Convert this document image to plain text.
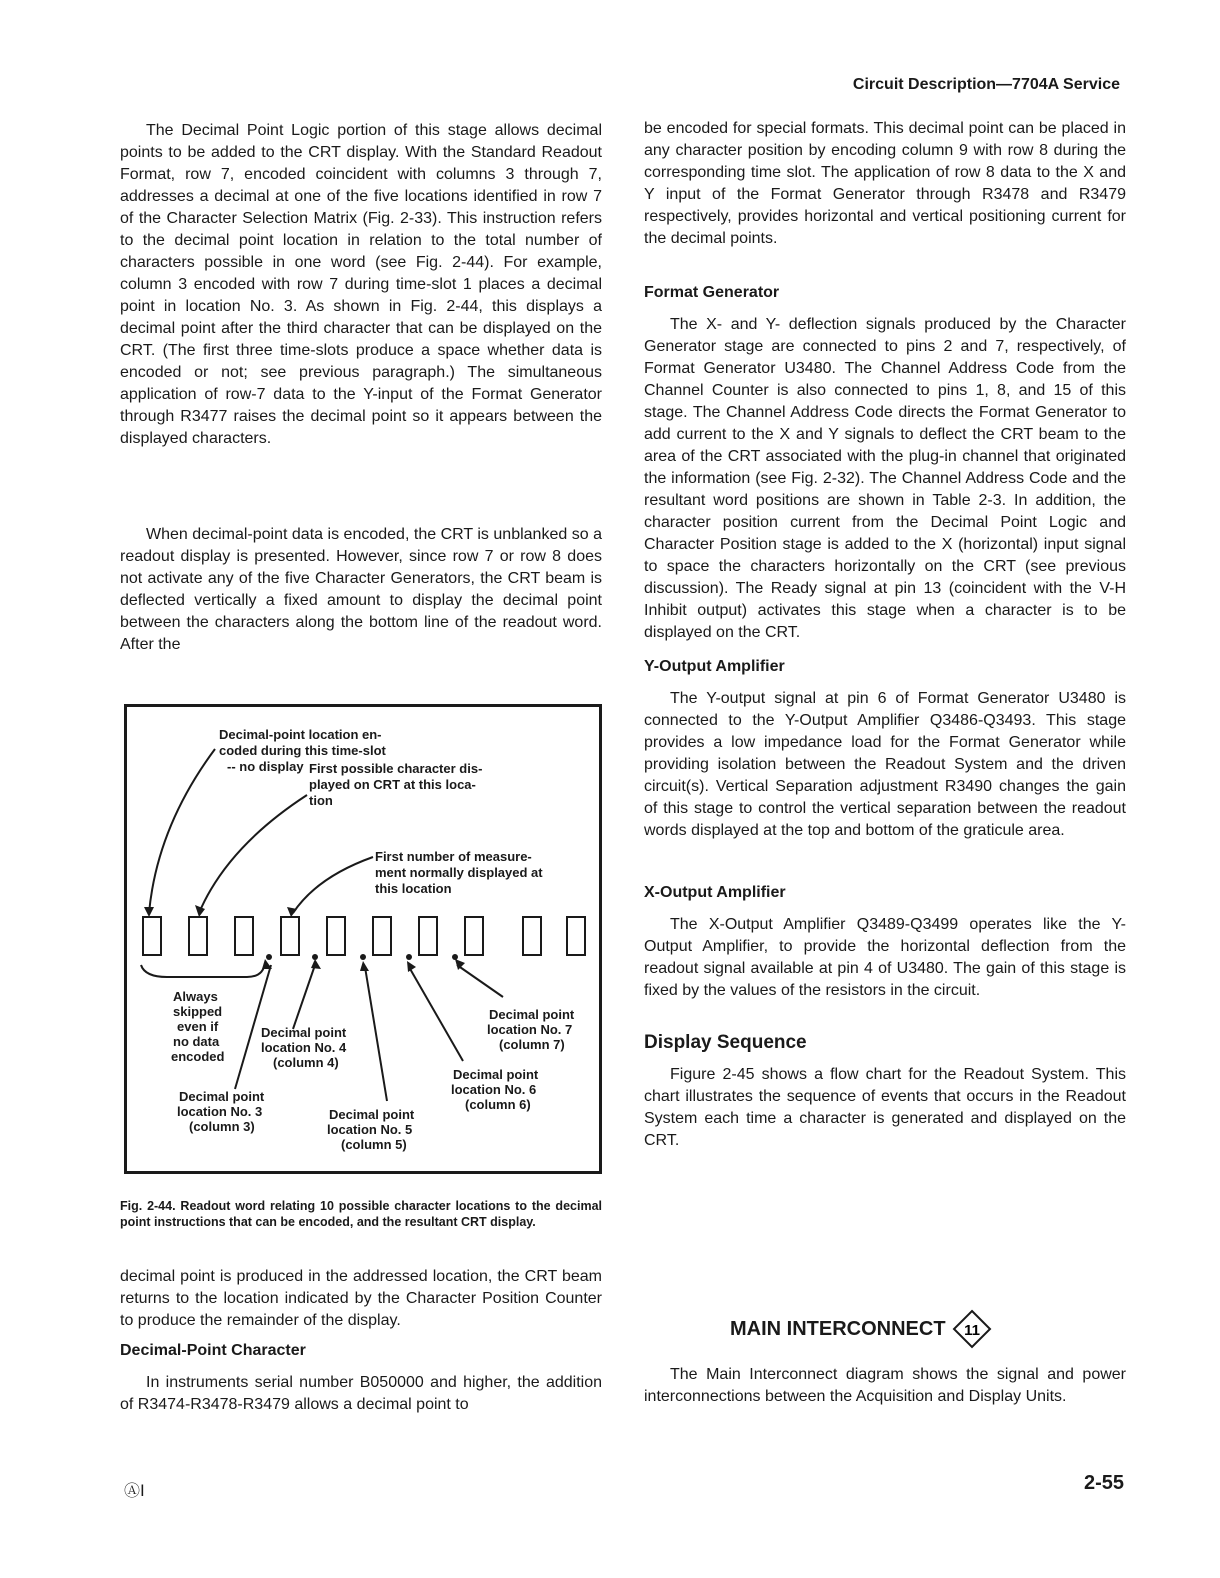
Circuit Description—7704A Service

The Decimal Point Logic portion of this stage allows decimal points to be added to the CRT display. With the Standard Readout Format, row 7, encoded coincident with columns 3 through 7, addresses a decimal at one of the five locations identified in row 7 of the Character Selection Matrix (Fig. 2-33). This instruction refers to the decimal point location in relation to the total number of characters possible in one word (see Fig. 2-44). For example, column 3 encoded with row 7 during time-slot 1 places a decimal point in location No. 3. As shown in Fig. 2-44, this displays a decimal point after the third character that can be displayed on the CRT. (The first three time-slots produce a space whether data is encoded or not; see previous paragraph.) The simultaneous application of row-7 data to the Y-input of the Format Generator through R3477 raises the decimal point so it appears between the displayed characters.

When decimal-point data is encoded, the CRT is unblanked so a readout display is presented. However, since row 7 or row 8 does not activate any of the five Character Generators, the CRT beam is deflected vertically a fixed amount to display the decimal point between the characters along the bottom line of the readout word. After the

Decimal-point location en-coded during this time-slot -- no display First possible character dis-played on CRT at this loca-tion
First number of measure-ment normally displayed at this location
Always skipped even if no data encoded
Decimal point location No. 4 (column 4)
Decimal point location No. 3 (column 3)
Decimal point location No. 5 (column 5)
Decimal point location No. 6 (column 6)
Decimal point location No. 7 (column 7)
Fig. 2-44. Readout word relating 10 possible character locations to the decimal point instructions that can be encoded, and the resultant CRT display.

decimal point is produced in the addressed location, the CRT beam returns to the location indicated by the Character Position Counter to produce the remainder of the display.

Decimal-Point Character

In instruments serial number B050000 and higher, the addition of R3474-R3478-R3479 allows a decimal point to

be encoded for special formats. This decimal point can be placed in any character position by encoding column 9 with row 8 during the corresponding time slot. The application of row 8 data to the X and Y input of the Format Generator through R3478 and R3479 respectively, provides horizontal and vertical positioning current for the decimal points.

Format Generator

The X- and Y- deflection signals produced by the Character Generator stage are connected to pins 2 and 7, respectively, of Format Generator U3480. The Channel Address Code from the Channel Counter is also connected to pins 1, 8, and 15 of this stage. The Channel Address Code directs the Format Generator to add current to the X and Y signals to deflect the CRT beam to the area of the CRT associated with the plug-in channel that originated the information (see Fig. 2-32). The Channel Address Code and the resultant word positions are shown in Table 2-3. In addition, the character position current from the Decimal Point Logic and Character Position stage is added to the X (horizontal) input signal to space the characters horizontally on the CRT (see previous discussion). The Ready signal at pin 13 (coincident with the V-H Inhibit output) activates this stage when a character is to be displayed on the CRT.

Y-Output Amplifier

The Y-output signal at pin 6 of Format Generator U3480 is connected to the Y-Output Amplifier Q3486-Q3493. This stage provides a low impedance load for the Format Generator while providing isolation between the Readout System and the driven circuit(s). Vertical Separation adjustment R3490 changes the gain of this stage to control the vertical separation between the readout words displayed at the top and bottom of the graticule area.

X-Output Amplifier

The X-Output Amplifier Q3489-Q3499 operates like the Y-Output Amplifier, to provide the horizontal deflection from the readout signal available at pin 4 of U3480. The gain of this stage is fixed by the values of the resistors in the circuit.

Display Sequence

Figure 2-45 shows a flow chart for the Readout System. This chart illustrates the sequence of events that occurs in the Readout System each time a character is generated and displayed on the CRT.

MAIN INTERCONNECT 11

The Main Interconnect diagram shows the signal and power interconnections between the Acquisition and Display Units.

ⒶⅠ	2-55
